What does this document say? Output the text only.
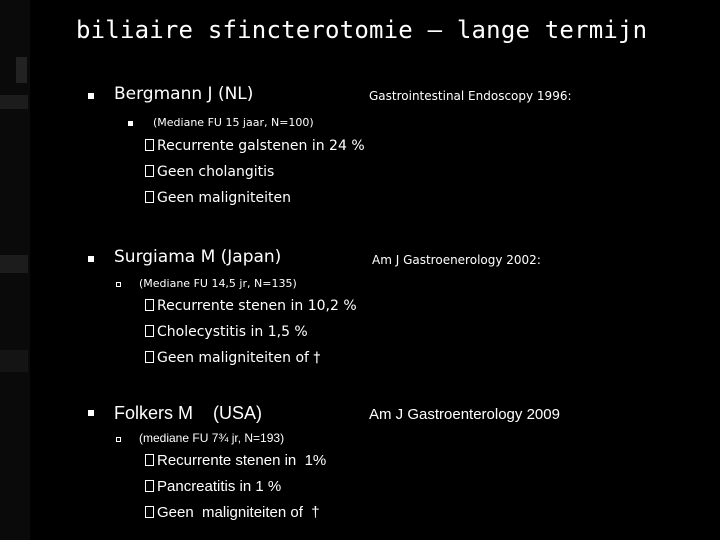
biliaire sfincterotomie – lange termijn
Bergmann J (NL)	Gastrointestinal Endoscopy 1996:
(Mediane FU 15 jaar, N=100)
Recurrente galstenen in 24 %
Geen cholangitis
Geen maligniteiten
Surgiama M (Japan)	Am J Gastroenerology 2002:
(Mediane FU 14,5 jr, N=135)
Recurrente stenen in 10,2 %
Cholecystitis in 1,5 %
Geen maligniteiten of †
Folkers M    (USA)	Am J Gastroenterology 2009
(mediane FU 7¾ jr, N=193)
Recurrente stenen in  1%
Pancreatitis in 1 %
Geen  maligniteiten of  †
